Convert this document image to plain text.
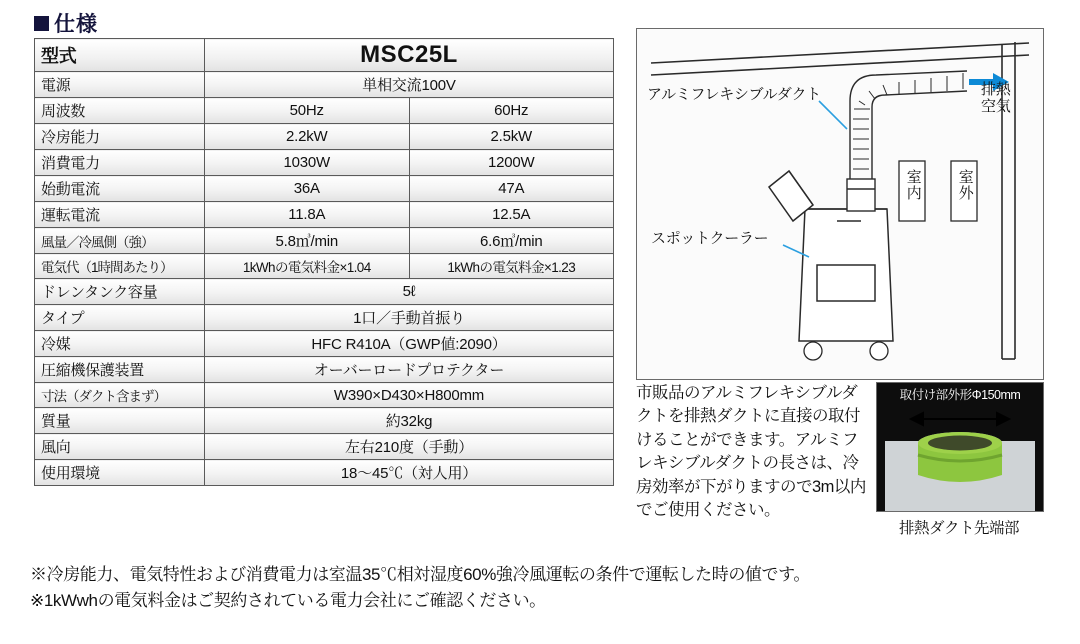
仕様
型式	MSC25L	
電源	単相交流100V	
周波数	50Hz	60Hz
冷房能力	2.2kW	2.5kW
消費電力	1030W	1200W
始動電流	36A	47A
運転電流	11.8A	12.5A
風量／冷風側（強）	5.8㎥/min	6.6㎥/min
電気代（1時間あたり）	1kWhの電気料金×1.04	1kWhの電気料金×1.23
ドレンタンク容量	5ℓ	
タイプ	1口／手動首振り	
冷媒	HFC R410A（GWP値:2090）	
圧縮機保護装置	オーバーロードプロテクター	
寸法（ダクト含まず）	W390×D430×H800mm	
質量	約32kg	
風向	左右210度（手動）	
使用環境	18〜45℃（対人用）	
※冷房能力、電気特性および消費電力は室温35℃相対湿度60%強冷風運転の条件で運転した時の値です。
※1kWwhの電気料金はご契約されている電力会社にご確認ください。
アルミフレキシブルダクト
スポットクーラー
排熱
空気
室内 室外
市販品のアルミフレキシブルダクトを排熱ダクトに直接の取付けることができます。アルミフレキシブルダクトの長さは、冷房効率が下がりますので3m以内でご使用ください。
取付け部外形Φ150mm
排熱ダクト先端部
